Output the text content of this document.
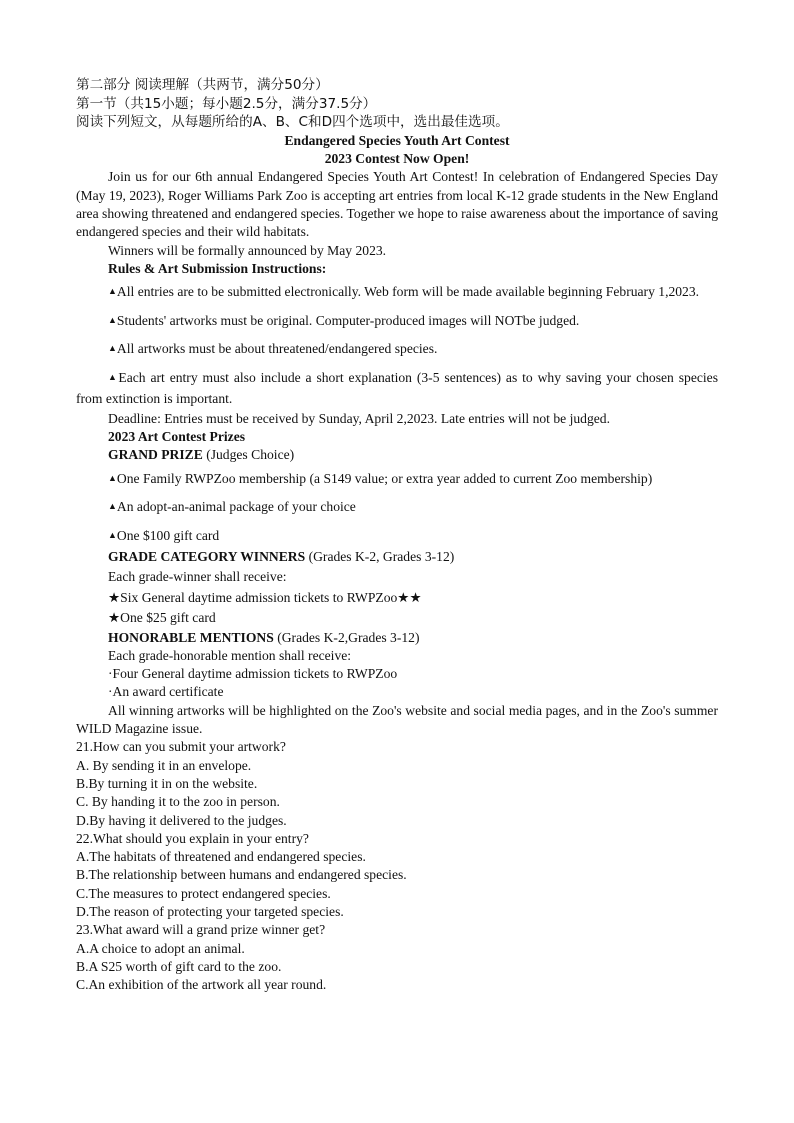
第二部分 阅读理解（共两节，满分50分）

第一节（共15小题；每小题2.5分，满分37.5分）

阅读下列短文，从每题所给的A、B、C和D四个选项中，选出最佳选项。

Endangered Species Youth Art Contest

2023 Contest Now Open!

Join us for our 6th annual Endangered Species Youth Art Contest! In celebration of Endangered Species Day (May 19, 2023), Roger Williams Park Zoo is accepting art entries from local K-12 grade students in the New England area showing threatened and endangered species. Together we hope to raise awareness about the importance of saving endangered species and their wild habitats.

Winners will be formally announced by May 2023.

Rules & Art Submission Instructions:

▲All entries are to be submitted electronically. Web form will be made available beginning February 1,2023.

▲Students' artworks must be original. Computer-produced images will NOTbe judged.

▲All artworks must be about threatened/endangered species.

▲Each art entry must also include a short explanation (3-5 sentences) as to why saving your chosen species from extinction is important.

Deadline: Entries must be received by Sunday, April 2,2023. Late entries will not be judged.

2023 Art Contest Prizes

GRAND PRIZE (Judges Choice)

▲One Family RWPZoo membership (a S149 value; or extra year added to current Zoo membership)

▲An adopt-an-animal package of your choice

▲One $100 gift card

GRADE CATEGORY WINNERS (Grades K-2, Grades 3-12)

Each grade-winner shall receive:

★Six General daytime admission tickets to RWPZoo★★

★One $25 gift card

HONORABLE MENTIONS (Grades K-2,Grades 3-12)

Each grade-honorable mention shall receive:

·Four General daytime admission tickets to RWPZoo

·An award certificate

All winning artworks will be highlighted on the Zoo's website and social media pages, and in the Zoo's summer WILD Magazine issue.

21.How can you submit your artwork?

A. By sending it in an envelope.

B.By turning it in on the website.

C. By handing it to the zoo in person.

D.By having it delivered to the judges.

22.What should you explain in your entry?

A.The habitats of threatened and endangered species.

B.The relationship between humans and endangered species.

C.The measures to protect endangered species.

D.The reason of protecting your targeted species.

23.What award will a grand prize winner get?

A.A choice to adopt an animal.

B.A S25 worth of gift card to the zoo.

C.An exhibition of the artwork all year round.
